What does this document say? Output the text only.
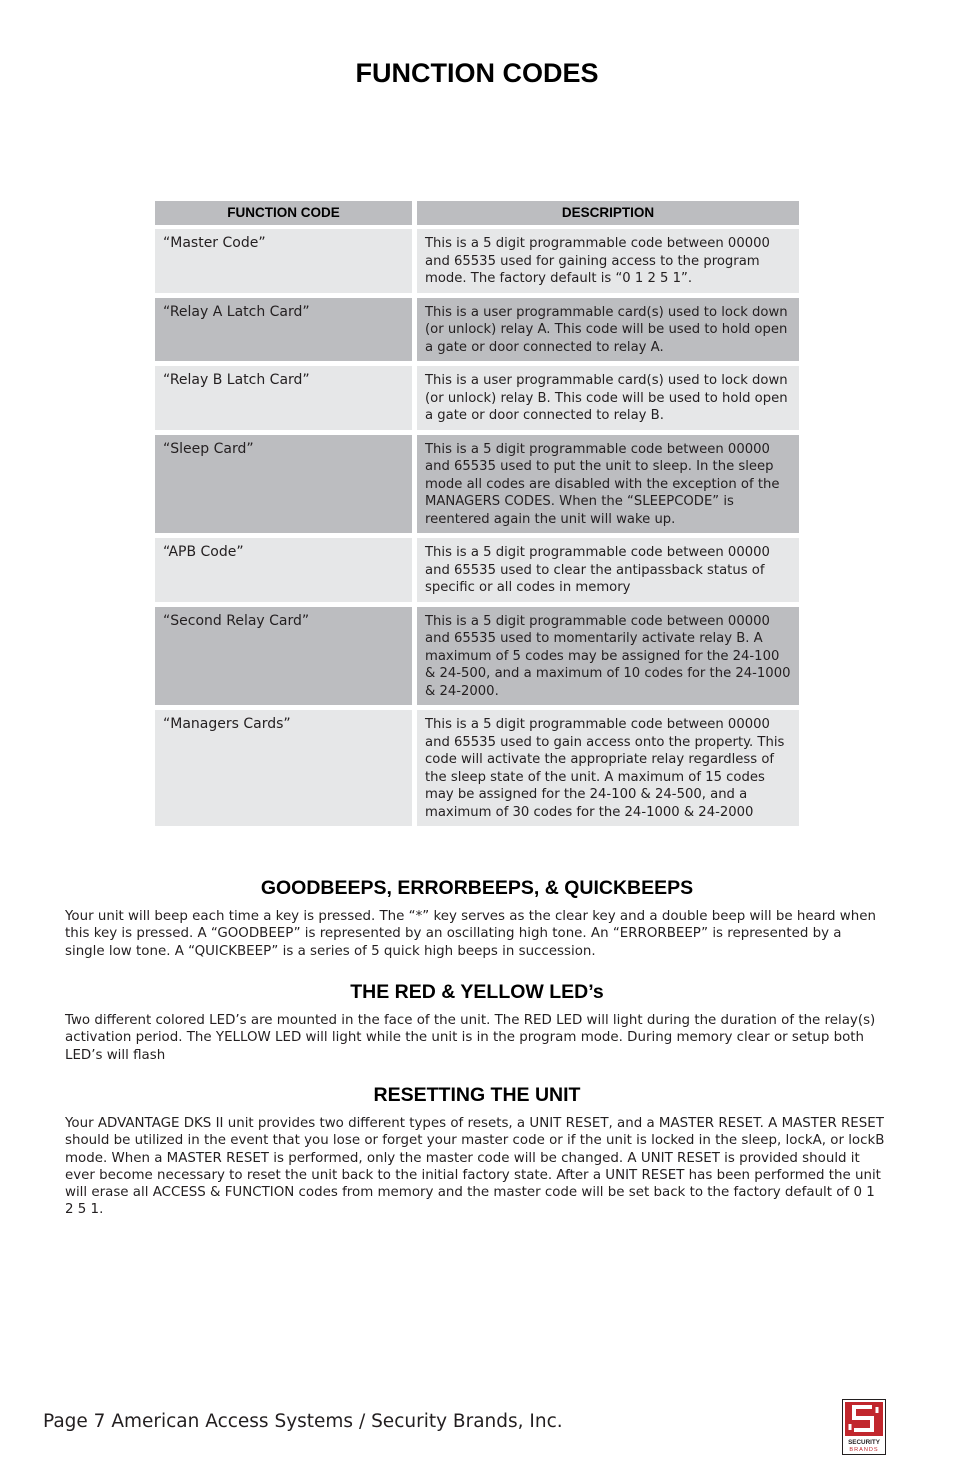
FUNCTION CODES
FUNCTION CODE	DESCRIPTION
“Master Code”	This is a 5 digit programmable code between 00000 and 65535 used for gaining access to the program mode. The factory default is “0 1 2 5 1”.
“Relay A Latch Card”	This is a user programmable card(s) used to lock down (or unlock) relay A. This code will be used to hold open a gate or door connected to relay A.
“Relay B Latch Card”	This is a user programmable card(s) used to lock down (or unlock) relay B. This code will be used to hold open a gate or door connected to relay B.
“Sleep Card”	This is a 5 digit programmable code between 00000 and 65535 used to put the unit to sleep. In the sleep mode all codes are disabled with the exception of the MANAGERS CODES. When the “SLEEPCODE” is reentered again the unit will wake up.
“APB Code”	This is a 5 digit programmable code between 00000 and 65535 used to clear the antipassback status of specific or all codes in memory
“Second Relay Card”	This is a 5 digit programmable code between 00000 and 65535 used to momentarily activate relay B. A maximum of 5 codes may be assigned for the 24-100 & 24-500, and a maximum of 10 codes for the 24-1000 & 24-2000.
“Managers Cards”	This is a 5 digit programmable code between 00000 and 65535 used to gain access onto the property. This code will activate the appropriate relay regardless of the sleep state of the unit. A maximum of 15 codes may be assigned for the 24-100 & 24-500, and a maximum of 30 codes for the 24-1000 & 24-2000
GOODBEEPS, ERRORBEEPS, & QUICKBEEPS
Your unit will beep each time a key is pressed. The “*” key serves as the clear key and a double beep will be heard when this key is pressed. A “GOODBEEP” is represented by an oscillating high tone. An “ERRORBEEP” is represented by a single low tone. A “QUICKBEEP” is a series of 5 quick high beeps in succession.
THE RED & YELLOW LED’s
Two different colored LED’s are mounted in the face of the unit. The RED LED will light during the duration of the relay(s) activation period. The YELLOW LED will light while the unit is in the program mode. During memory clear or setup both LED’s will flash
RESETTING THE UNIT
Your ADVANTAGE DKS II unit provides two different types of resets, a UNIT RESET, and a MASTER RESET. A MASTER RESET should be utilized in the event that you lose or forget your master code or if the unit is locked in the sleep, lockA, or lockB mode. When a MASTER RESET is performed, only the master code will be changed. A UNIT RESET is provided should it ever become necessary to reset the unit back to the initial factory state. After a UNIT RESET has been performed the unit will erase all ACCESS & FUNCTION codes from memory and the master code will be set back to the factory default of 0 1 2 5 1.
Page 7 American Access Systems / Security Brands, Inc.
SECURITY
BRANDS
